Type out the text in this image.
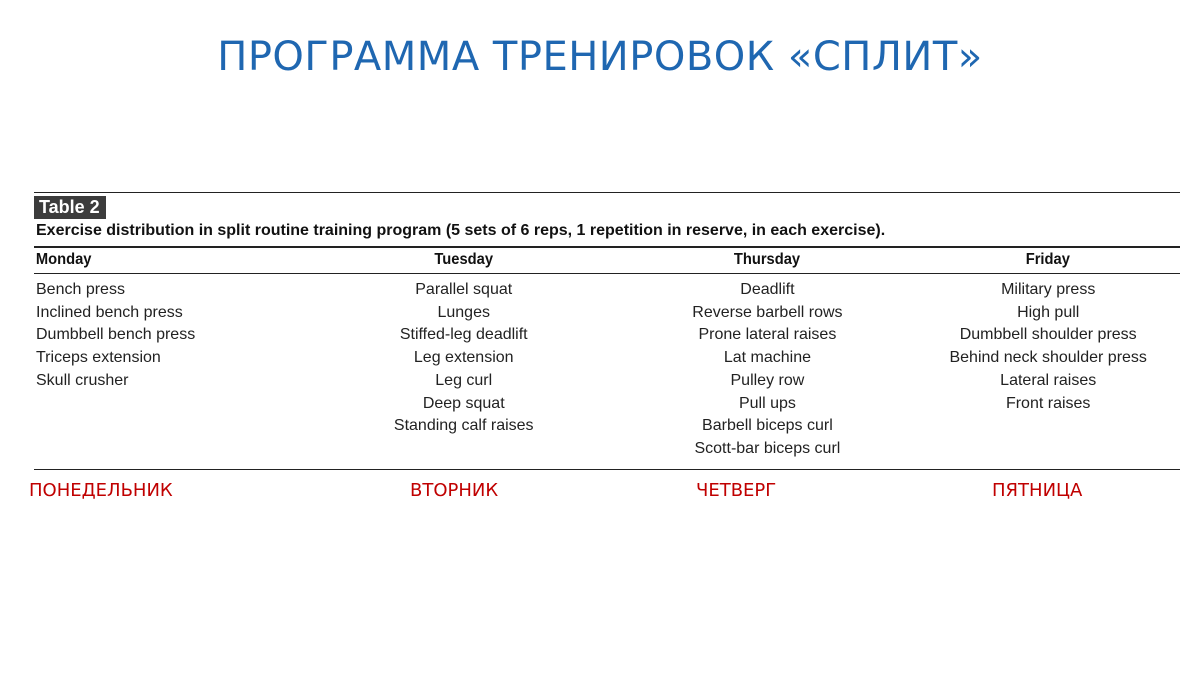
ПРОГРАММА ТРЕНИРОВОК «СПЛИТ»
Table 2
Exercise distribution in split routine training program (5 sets of 6 reps, 1 repetition in reserve, in each exercise).
Monday	Tuesday	Thursday	Friday
Bench press	Parallel squat	Deadlift	Military press
Inclined bench press	Lunges	Reverse barbell rows	High pull
Dumbbell bench press	Stiffed-leg deadlift	Prone lateral raises	Dumbbell shoulder press
Triceps extension	Leg extension	Lat machine	Behind neck shoulder press
Skull crusher	Leg curl	Pulley row	Lateral raises
	Deep squat	Pull ups	Front raises
	Standing calf raises	Barbell biceps curl	
		Scott-bar biceps curl	
ПОНЕДЕЛЬНИК	ВТОРНИК	ЧЕТВЕРГ	ПЯТНИЦА
